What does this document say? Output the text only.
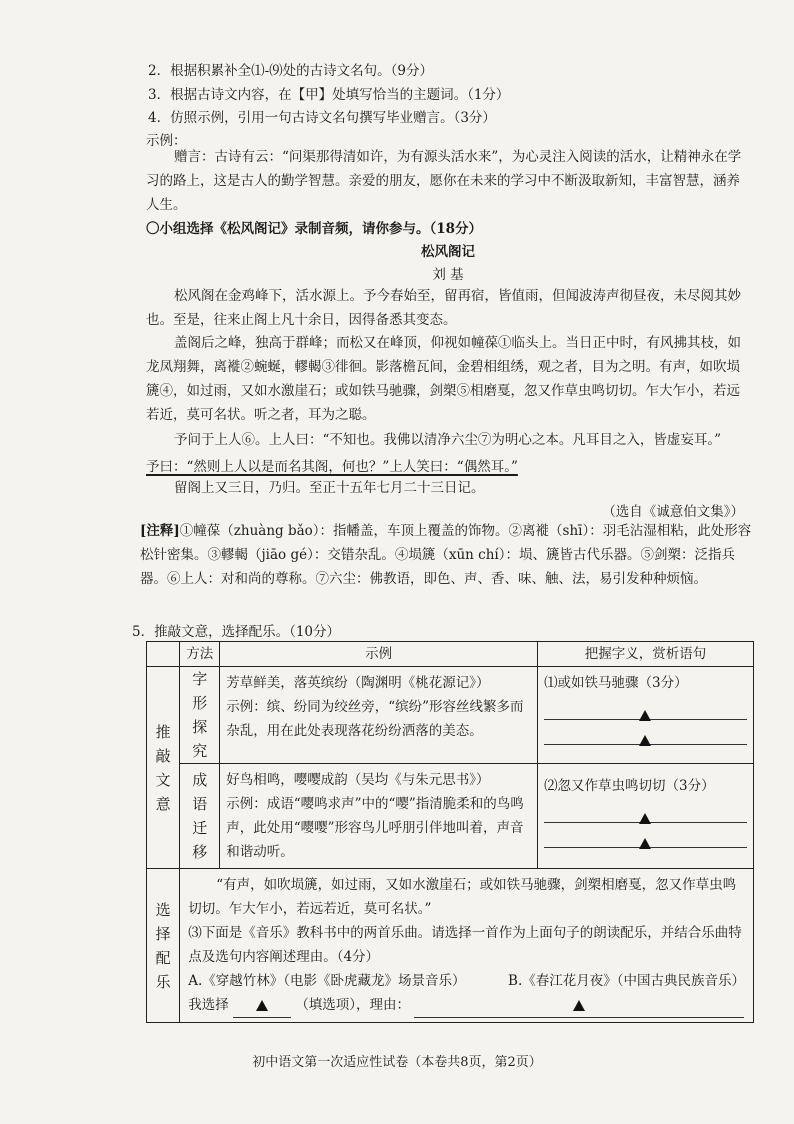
2．根据积累补全⑴-⑼处的古诗文名句。（9分）
3．根据古诗文内容，在【甲】处填写恰当的主题词。（1分）
4．仿照示例，引用一句古诗文名句撰写毕业赠言。（3分）
示例：
赠言：古诗有云：“问渠那得清如许，为有源头活水来”，为心灵注入阅读的活水，让精神永在学习的路上，这是古人的勤学智慧。亲爱的朋友，愿你在未来的学习中不断汲取新知，丰富智慧，涵养人生。
〇小组选择《松风阁记》录制音频，请你参与。（18分）
松风阁记
刘 基
松风阁在金鸡峰下，活水源上。予今春始至，留再宿，皆值雨，但闻波涛声彻昼夜，未尽阅其妙也。至是，往来止阁上凡十余日，因得备悉其变态。
盖阁后之峰，独高于群峰；而松又在峰顶，仰视如幢葆①临头上。当日正中时，有风拂其枝，如龙凤翔舞，离褷②蜿蜒，轇輵③徘徊。影落檐瓦间，金碧相组绣，观之者，目为之明。有声，如吹埙篪④，如过雨，又如水激崖石；或如铁马驰骤，剑槊⑤相磨戛，忽又作草虫鸣切切。乍大乍小，若远若近，莫可名状。听之者，耳为之聪。
予问于上人⑥。上人曰：“不知也。我佛以清净六尘⑦为明心之本。凡耳目之入，皆虚妄耳。”
予曰：“然则上人以是而名其阁，何也？”上人笑曰：“偶然耳。”
留阁上又三日，乃归。至正十五年七月二十三日记。
（选自《诚意伯文集》）
[注释]①幢葆（zhuàng bǎo）：指幡盖，车顶上覆盖的饰物。②离褷（shī）：羽毛沾湿相粘，此处形容松针密集。③轇輵（jiāo gé）：交错杂乱。④埙篪（xūn chí）：埙、篪皆古代乐器。⑤剑槊：泛指兵器。⑥上人：对和尚的尊称。⑦六尘：佛教语，即色、声、香、味、触、法，易引发种种烦恼。
5．推敲文意，选择配乐。（10分）
	方法	示例	把握字义，赏析语句
推敲文意	字形探究	芳草鲜美，落英缤纷（陶渊明《桃花源记》）
示例：缤、纷同为绞丝旁，“缤纷”形容丝线繁多而杂乱，用在此处表现落花纷纷洒落的美态。	⑴或如铁马驰骤（3分）

	成语迁移	好鸟相鸣，嘤嘤成韵（吴均《与朱元思书》）
示例：成语“嘤鸣求声”中的“嘤”指清脆柔和的鸟鸣声，此处用“嘤嘤”形容鸟儿呼朋引伴地叫着，声音和谐动听。	⑵忽又作草虫鸣切切（3分）

选择配乐	“有声，如吹埙篪，如过雨，又如水激崖石；或如铁马驰骤，剑槊相磨戛，忽又作草虫鸣切切。乍大乍小，若远若近，莫可名状。”
⑶下面是《音乐》教科书中的两首乐曲。请选择一首作为上面句子的朗读配乐，并结合乐曲特点及选句内容阐述理由。（4分）
A.《穿越竹林》（电影《卧虎藏龙》场景音乐） B.《春江花月夜》（中国古典民族音乐）
我选择 （填选项），理由：		
初中语文第一次适应性试卷（本卷共8页，第2页）
